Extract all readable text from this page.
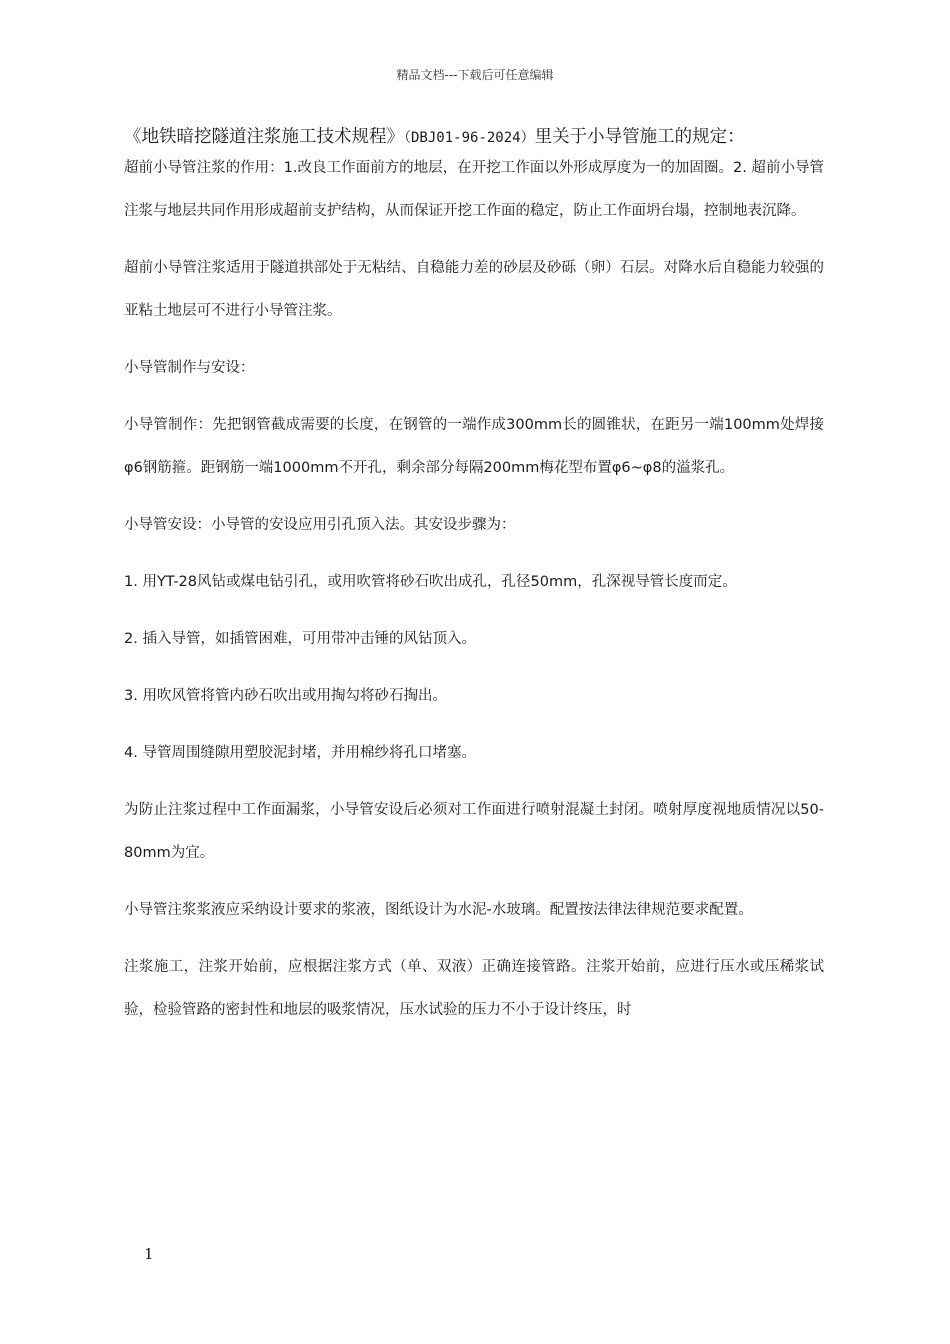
精品文档---下载后可任意编辑

《地铁暗挖隧道注浆施工技术规程》（DBJ01-96-2024）里关于小导管施工的规定：

超前小导管注浆的作用：1.改良工作面前方的地层，在开挖工作面以外形成厚度为一的加固圈。2. 超前小导管注浆与地层共同作用形成超前支护结构，从而保证开挖工作面的稳定，防止工作面坍台塌，控制地表沉降。

超前小导管注浆适用于隧道拱部处于无粘结、自稳能力差的砂层及砂砾（卵）石层。对降水后自稳能力较强的亚粘土地层可不进行小导管注浆。

小导管制作与安设：

小导管制作：先把钢管截成需要的长度，在钢管的一端作成300mm长的圆锥状，在距另一端100mm处焊接φ6钢筋箍。距钢筋一端1000mm不开孔，剩余部分每隔200mm梅花型布置φ6~φ8的溢浆孔。

小导管安设：小导管的安设应用引孔顶入法。其安设步骤为：

1. 用YT-28风钻或煤电钻引孔，或用吹管将砂石吹出成孔，孔径50mm，孔深视导管长度而定。

2. 插入导管，如插管困难，可用带冲击锤的风钻顶入。

3. 用吹风管将管内砂石吹出或用掏勾将砂石掏出。

4. 导管周围缝隙用塑胶泥封堵，并用棉纱将孔口堵塞。

为防止注浆过程中工作面漏浆，小导管安设后必须对工作面进行喷射混凝土封闭。喷射厚度视地质情况以50-80mm为宜。

小导管注浆浆液应采纳设计要求的浆液，图纸设计为水泥-水玻璃。配置按法律法律规范要求配置。

注浆施工，注浆开始前，应根据注浆方式（单、双液）正确连接管路。注浆开始前，应进行压水或压稀浆试验，检验管路的密封性和地层的吸浆情况，压水试验的压力不小于设计终压，时

1
